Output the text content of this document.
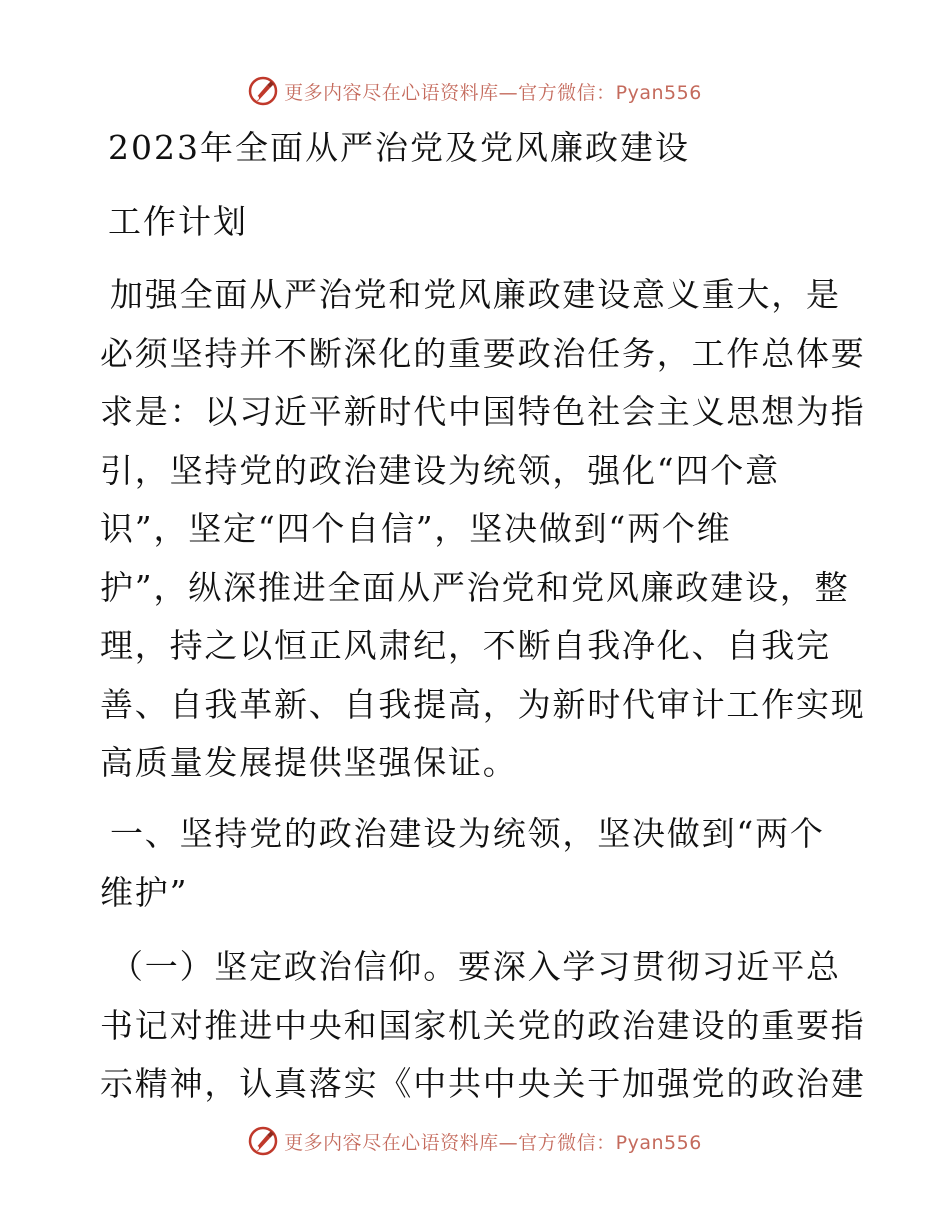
更多内容尽在心语资料库—官方微信：Pyan556
2023年全面从严治党及党风廉政建设
工作计划
加强全面从严治党和党风廉政建设意义重大，是
必须坚持并不断深化的重要政治任务，工作总体要
求是：以习近平新时代中国特色社会主义思想为指
引，坚持党的政治建设为统领，强化“四个意
识”，坚定“四个自信”，坚决做到“两个维
护”，纵深推进全面从严治党和党风廉政建设，整
理，持之以恒正风肃纪，不断自我净化、自我完
善、自我革新、自我提高，为新时代审计工作实现
高质量发展提供坚强保证。
一、坚持党的政治建设为统领，坚决做到“两个
维护”
（一）坚定政治信仰。要深入学习贯彻习近平总
书记对推进中央和国家机关党的政治建设的重要指
示精神，认真落实《中共中央关于加强党的政治建
更多内容尽在心语资料库—官方微信：Pyan556
